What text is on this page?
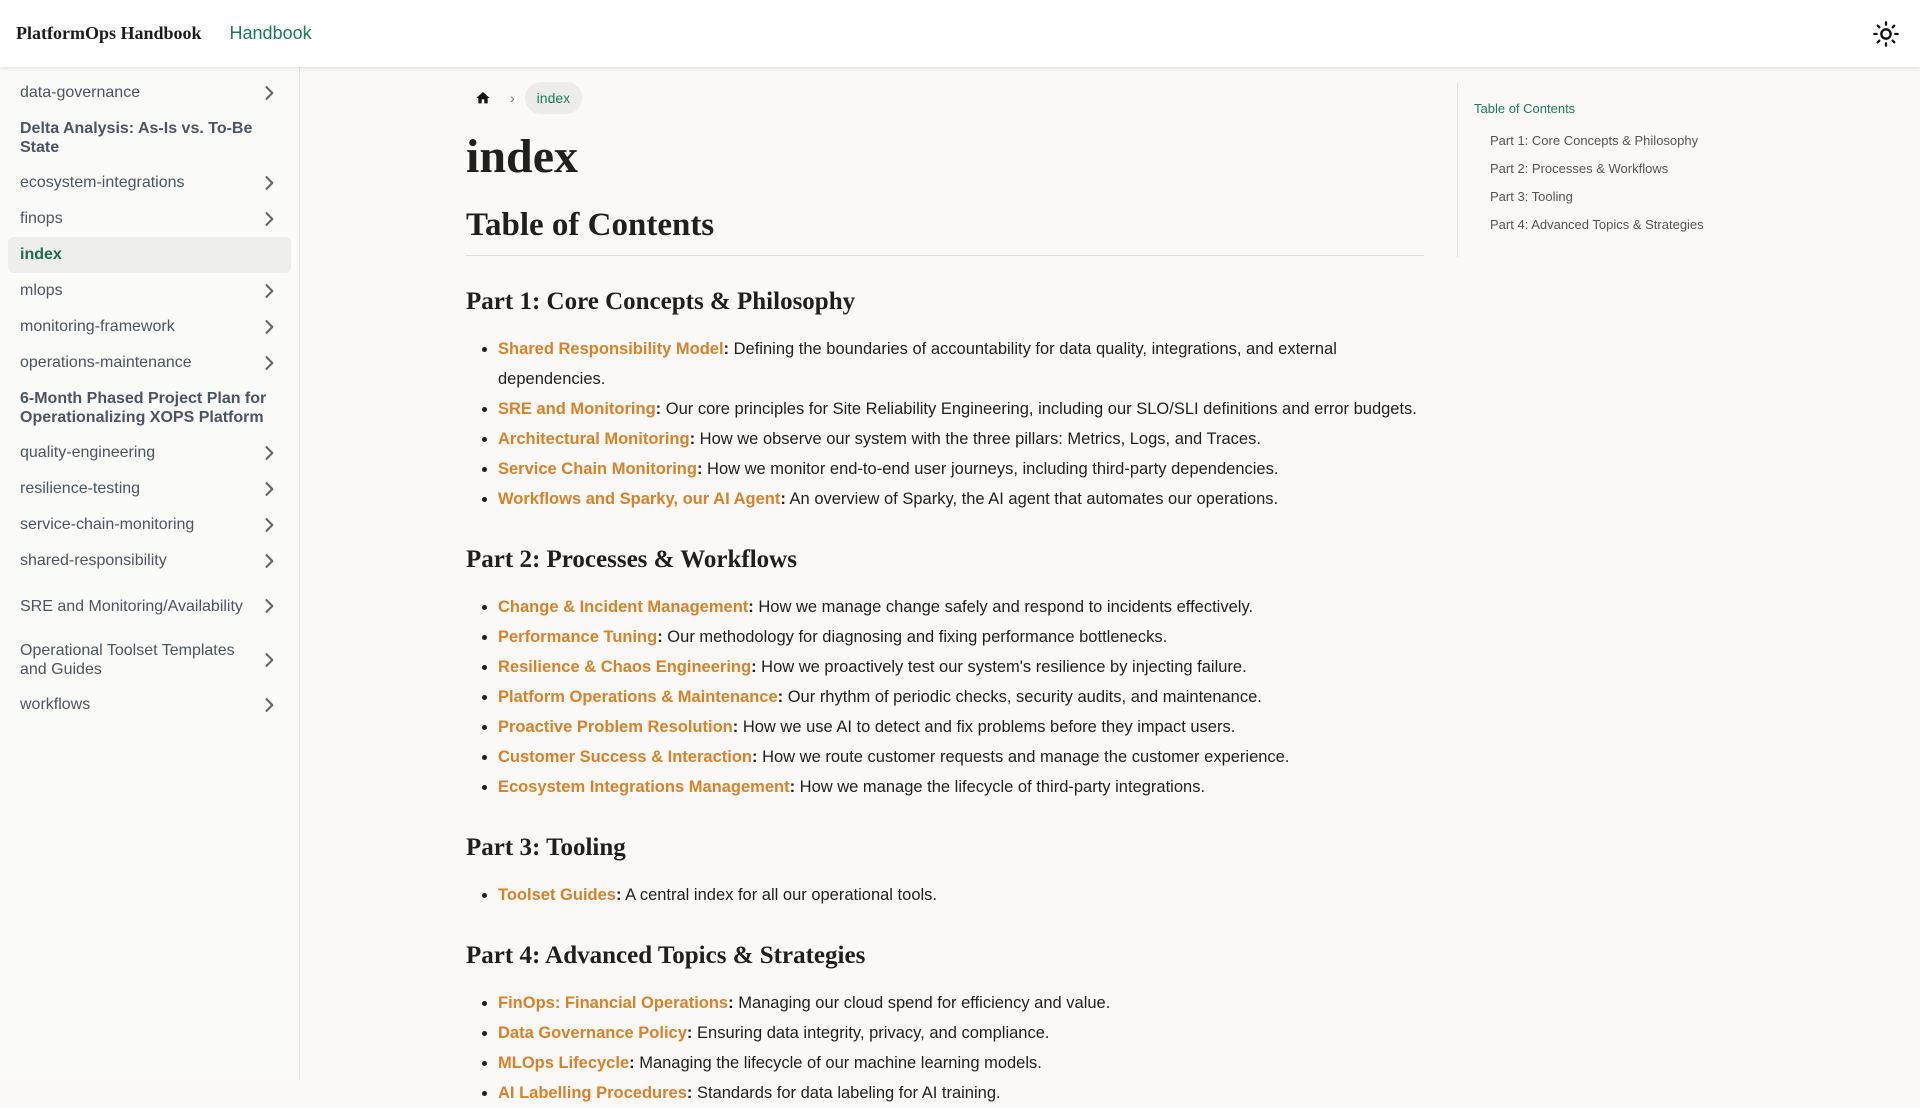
PlatformOps Handbook Handbook
data-governance
Delta Analysis: As-Is vs. To-Be State
ecosystem-integrations
finops
index
mlops
monitoring-framework
operations-maintenance
6-Month Phased Project Plan for Operationalizing XOPS Platform
quality-engineering
resilience-testing
service-chain-monitoring
shared-responsibility
SRE and Monitoring/Availability
Operational Toolset Templates and Guides
workflows
›	index
index
Table of Contents
Part 1: Core Concepts & Philosophy
• Shared Responsibility Model: Defining the boundaries of accountability for data quality, integrations, and external dependencies.
• SRE and Monitoring: Our core principles for Site Reliability Engineering, including our SLO/SLI definitions and error budgets.
• Architectural Monitoring: How we observe our system with the three pillars: Metrics, Logs, and Traces.
• Service Chain Monitoring: How we monitor end-to-end user journeys, including third-party dependencies.
• Workflows and Sparky, our AI Agent: An overview of Sparky, the AI agent that automates our operations.
Part 2: Processes & Workflows
• Change & Incident Management: How we manage change safely and respond to incidents effectively.
• Performance Tuning: Our methodology for diagnosing and fixing performance bottlenecks.
• Resilience & Chaos Engineering: How we proactively test our system's resilience by injecting failure.
• Platform Operations & Maintenance: Our rhythm of periodic checks, security audits, and maintenance.
• Proactive Problem Resolution: How we use AI to detect and fix problems before they impact users.
• Customer Success & Interaction: How we route customer requests and manage the customer experience.
• Ecosystem Integrations Management: How we manage the lifecycle of third-party integrations.
Part 3: Tooling
• Toolset Guides: A central index for all our operational tools.
Part 4: Advanced Topics & Strategies
• FinOps: Financial Operations: Managing our cloud spend for efficiency and value.
• Data Governance Policy: Ensuring data integrity, privacy, and compliance.
• MLOps Lifecycle: Managing the lifecycle of our machine learning models.
• AI Labelling Procedures: Standards for data labeling for AI training.
Table of Contents
Part 1: Core Concepts & Philosophy
Part 2: Processes & Workflows
Part 3: Tooling
Part 4: Advanced Topics & Strategies
